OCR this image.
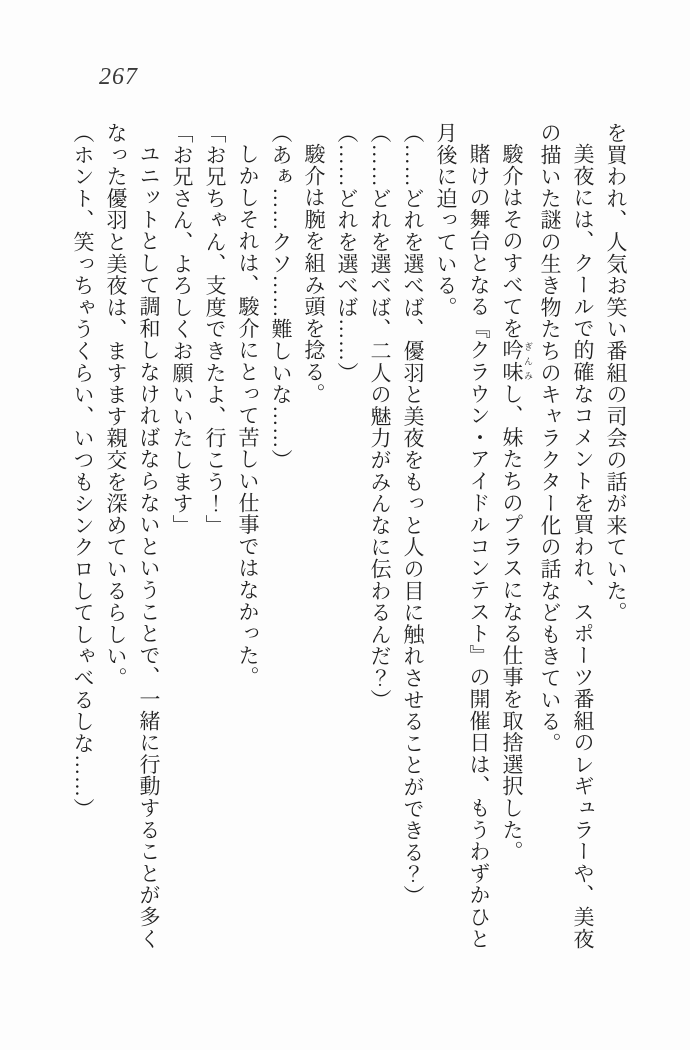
267

を買われ、人気お笑い番組の司会の話が来ていた。

美夜には、クールで的確なコメントを買われ、スポーツ番組のレギュラーや、美夜の描いた謎の生き物たちのキャラクター化の話などもきている。

駿介はそのすべてを吟味 ぎんみし、妹たちのプラスになる仕事を取捨選択した。

賭けの舞台となる『クラウン・アイドルコンテスト』の開催日は、もうわずかひと月後に迫っている。

（……どれを選べば、優羽と美夜をもっと人の目に触れさせることができる？）

（……どれを選べば、二人の魅力がみんなに伝わるんだ？）

（……どれを選べば……）

駿介は腕を組み頭を捻る。

（あぁ……クソ……難しいな……）

しかしそれは、駿介にとって苦しい仕事ではなかった。

「お兄ちゃん、支度できたよ、行こう！」

「お兄さん、よろしくお願いいたします」

ユニットとして調和しなければならないということで、一緒に行動することが多くなった優羽と美夜は、ますます親交を深めているらしい。

（ホント、笑っちゃうくらい、いつもシンクロしてしゃべるしな……）
